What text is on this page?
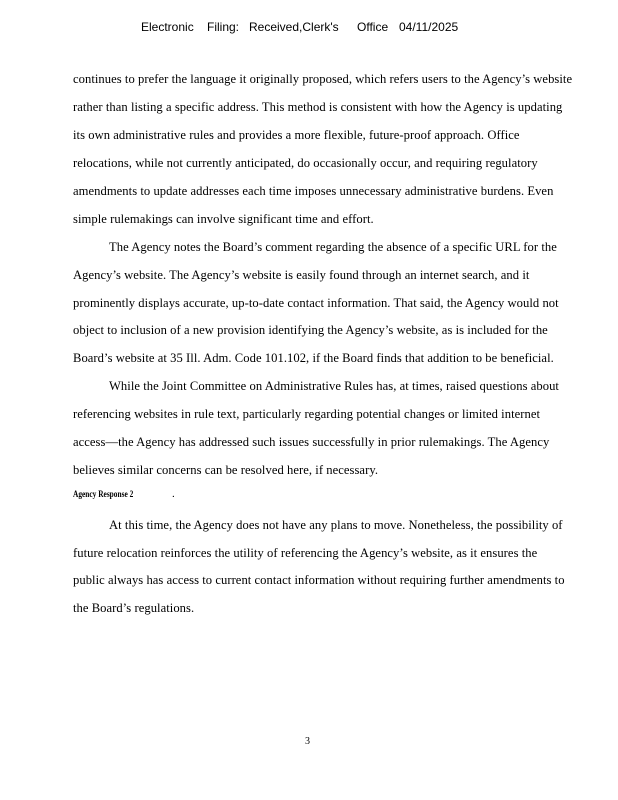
Electronic Filing: Received,Clerk's Office 04/11/2025
continues to prefer the language it originally proposed, which refers users to the Agency’s website
rather than listing a specific address. This method is consistent with how the Agency is updating
its own administrative rules and provides a more flexible, future-proof approach. Office
relocations, while not currently anticipated, do occasionally occur, and requiring regulatory
amendments to update addresses each time imposes unnecessary administrative burdens. Even
simple rulemakings can involve significant time and effort.
The Agency notes the Board’s comment regarding the absence of a specific URL for the
Agency’s website. The Agency’s website is easily found through an internet search, and it
prominently displays accurate, up-to-date contact information. That said, the Agency would not
object to inclusion of a new provision identifying the Agency’s website, as is included for the
Board’s website at 35 Ill. Adm. Code 101.102, if the Board finds that addition to be beneficial.
While the Joint Committee on Administrative Rules has, at times, raised questions about
referencing websites in rule text, particularly regarding potential changes or limited internet
access—the Agency has addressed such issues successfully in prior rulemakings. The Agency
believes similar concerns can be resolved here, if necessary.
Agency Response 2	.
At this time, the Agency does not have any plans to move. Nonetheless, the possibility of
future relocation reinforces the utility of referencing the Agency’s website, as it ensures the
public always has access to current contact information without requiring further amendments to
the Board’s regulations.
3
